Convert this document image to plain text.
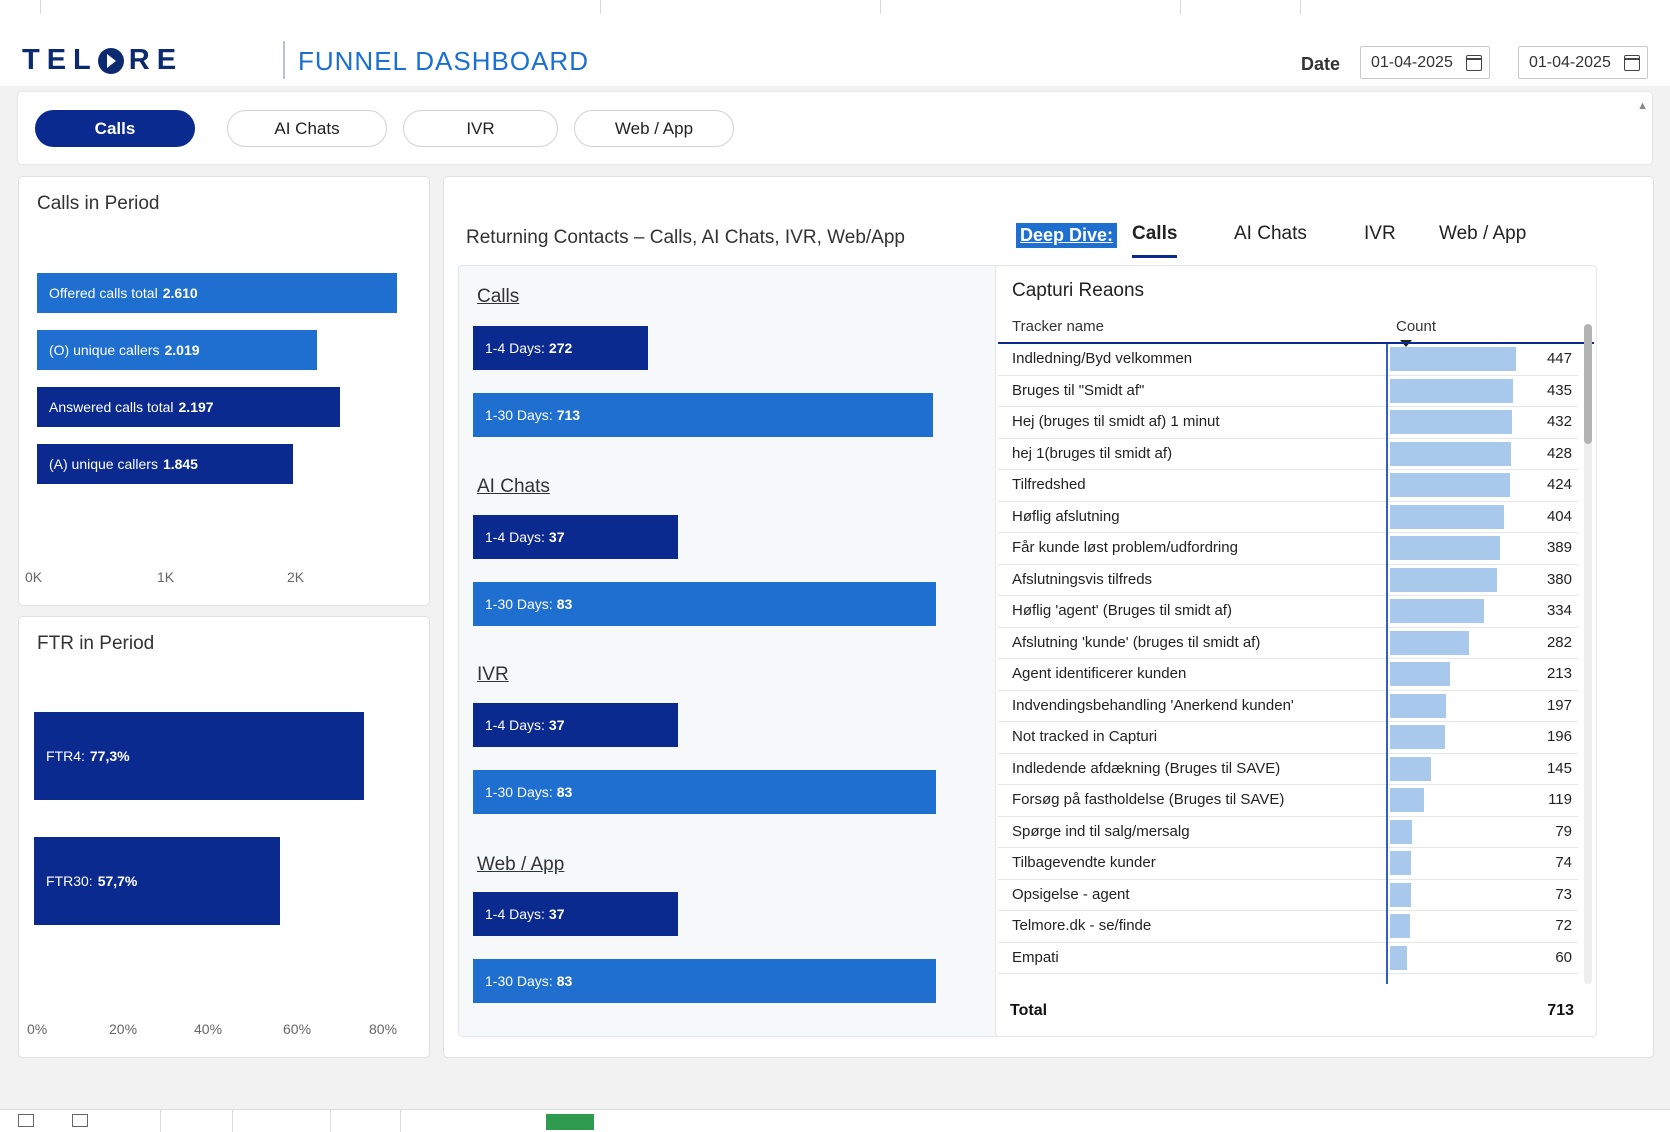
TEL RE	FUNNEL DASHBOARD	Date 01-04-2025	01-04-2025
Calls	AI Chats	IVR	Web / App
▲
Calls in Period
Offered calls total 2.610
(O) unique callers 2.019
Answered calls total 2.197
(A) unique callers 1.845
0K	1K	2K
FTR in Period
FTR4 : 77,3%
FTR30 : 57,7%
0%	20%	40%	60%	80%
Returning Contacts – Calls, AI Chats, IVR, Web/App	Deep Dive: Calls	AI Chats	IVR Web / App
Calls
1-4 Days : 272
1-30 Days : 713
AI Chats
1-4 Days : 37
1-30 Days : 83
IVR
1-4 Days : 37
1-30 Days : 83
Web / App
1-4 Days : 37
1-30 Days : 83
Capturi Reaons
Tracker name	Count
Indledning/Byd velkommen	447
Bruges til "Smidt af"	435
Hej (bruges til smidt af) 1 minut	432
hej 1(bruges til smidt af)	428
Tilfredshed	424
Høflig afslutning	404
Får kunde løst problem/udfordring	389
Afslutningsvis tilfreds	380
Høflig 'agent' (Bruges til smidt af)	334
Afslutning 'kunde' (bruges til smidt af)	282
Agent identificerer kunden	213
Indvendingsbehandling 'Anerkend kunden'	197
Not tracked in Capturi	196
Indledende afdækning (Bruges til SAVE)	145
Forsøg på fastholdelse (Bruges til SAVE)	119
Spørge ind til salg/mersalg	79
Tilbagevendte kunder	74
Opsigelse - agent	73
Telmore.dk - se/finde	72
Empati	60
Total	713
